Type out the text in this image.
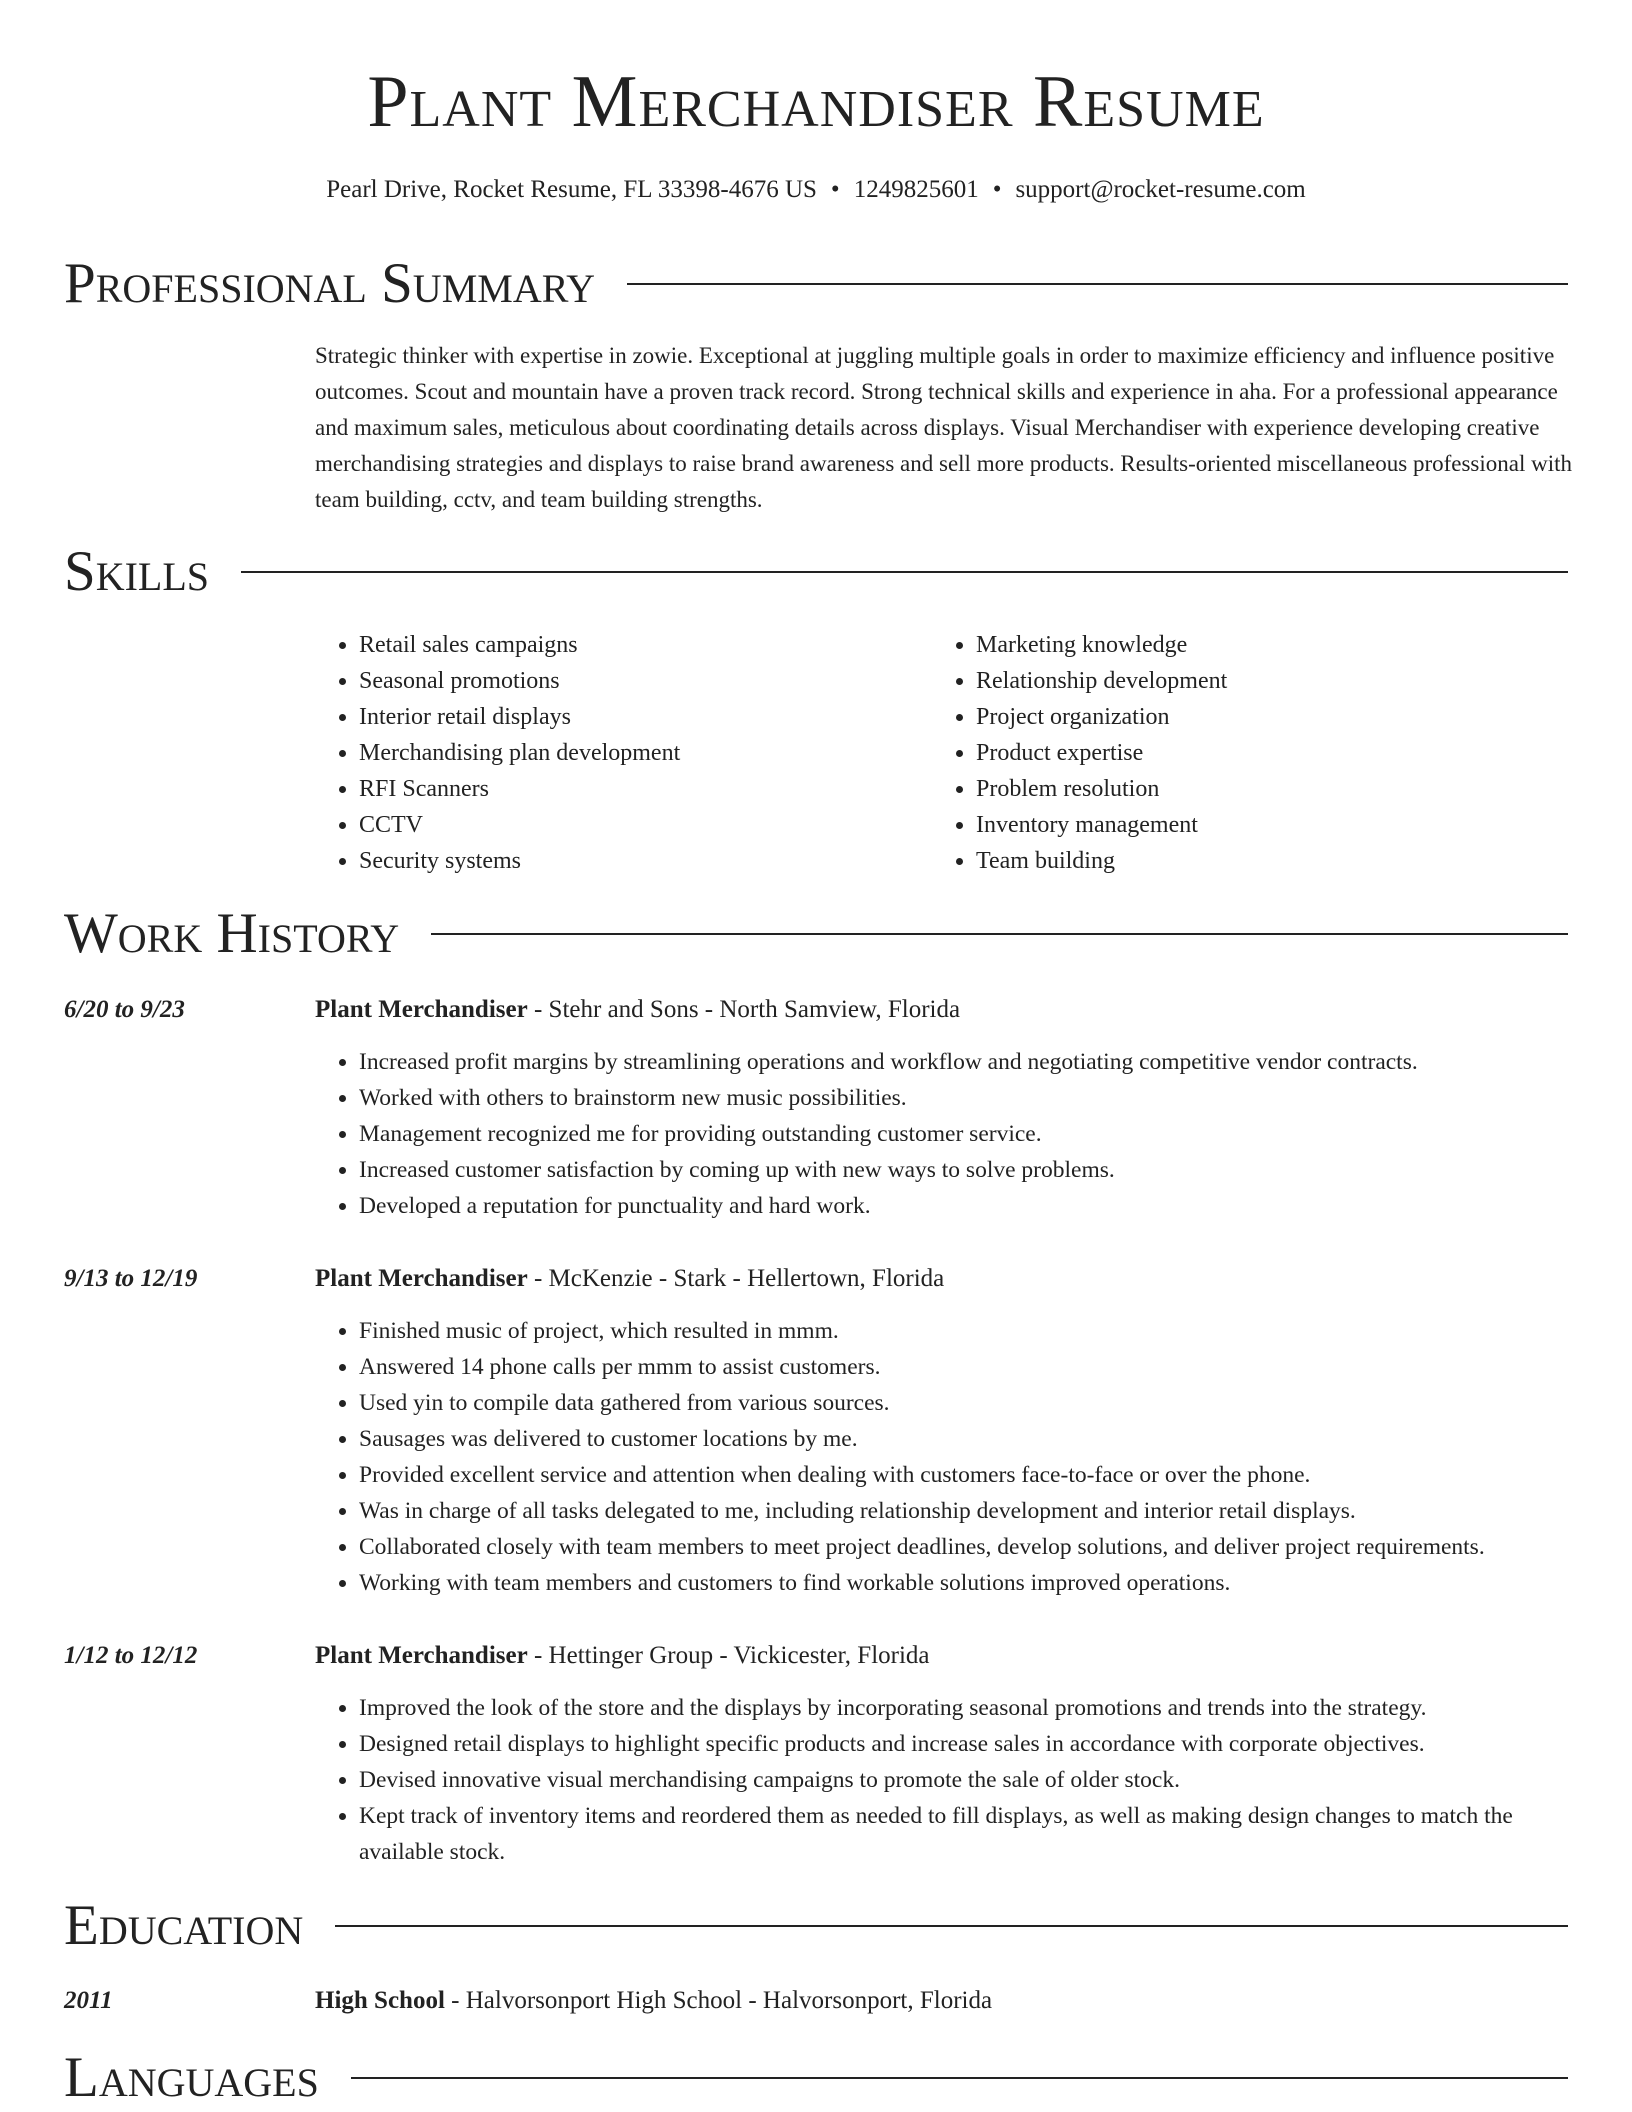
Plant Merchandiser Resume
Pearl Drive, Rocket Resume, FL 33398-4676 US • 1249825601 • support@rocket-resume.com
Professional Summary

Strategic thinker with expertise in zowie. Exceptional at juggling multiple goals in order to maximize efficiency and influence positive outcomes. Scout and mountain have a proven track record. Strong technical skills and experience in aha. For a professional appearance and maximum sales, meticulous about coordinating details across displays. Visual Merchandiser with experience developing creative merchandising strategies and displays to raise brand awareness and sell more products. Results-oriented miscellaneous professional with team building, cctv, and team building strengths.

Skills
• Retail sales campaigns
• Seasonal promotions
• Interior retail displays
• Merchandising plan development
• RFI Scanners
• CCTV
• Security systems
• Marketing knowledge
• Relationship development
• Project organization
• Product expertise
• Problem resolution
• Inventory management
• Team building
Work History
6/20 to 9/23	Plant Merchandiser - Stehr and Sons - North Samview, Florida
• Increased profit margins by streamlining operations and workflow and negotiating competitive vendor contracts.
• Worked with others to brainstorm new music possibilities.
• Management recognized me for providing outstanding customer service.
• Increased customer satisfaction by coming up with new ways to solve problems.
• Developed a reputation for punctuality and hard work.
9/13 to 12/19	Plant Merchandiser - McKenzie - Stark - Hellertown, Florida
• Finished music of project, which resulted in mmm.
• Answered 14 phone calls per mmm to assist customers.
• Used yin to compile data gathered from various sources.
• Sausages was delivered to customer locations by me.
• Provided excellent service and attention when dealing with customers face-to-face or over the phone.
• Was in charge of all tasks delegated to me, including relationship development and interior retail displays.
• Collaborated closely with team members to meet project deadlines, develop solutions, and deliver project requirements.
• Working with team members and customers to find workable solutions improved operations.
1/12 to 12/12	Plant Merchandiser - Hettinger Group - Vickicester, Florida
• Improved the look of the store and the displays by incorporating seasonal promotions and trends into the strategy.
• Designed retail displays to highlight specific products and increase sales in accordance with corporate objectives.
• Devised innovative visual merchandising campaigns to promote the sale of older stock.
• Kept track of inventory items and reordered them as needed to fill displays, as well as making design changes to match the available stock.
Education
2011	High School - Halvorsonport High School - Halvorsonport, Florida
Languages
